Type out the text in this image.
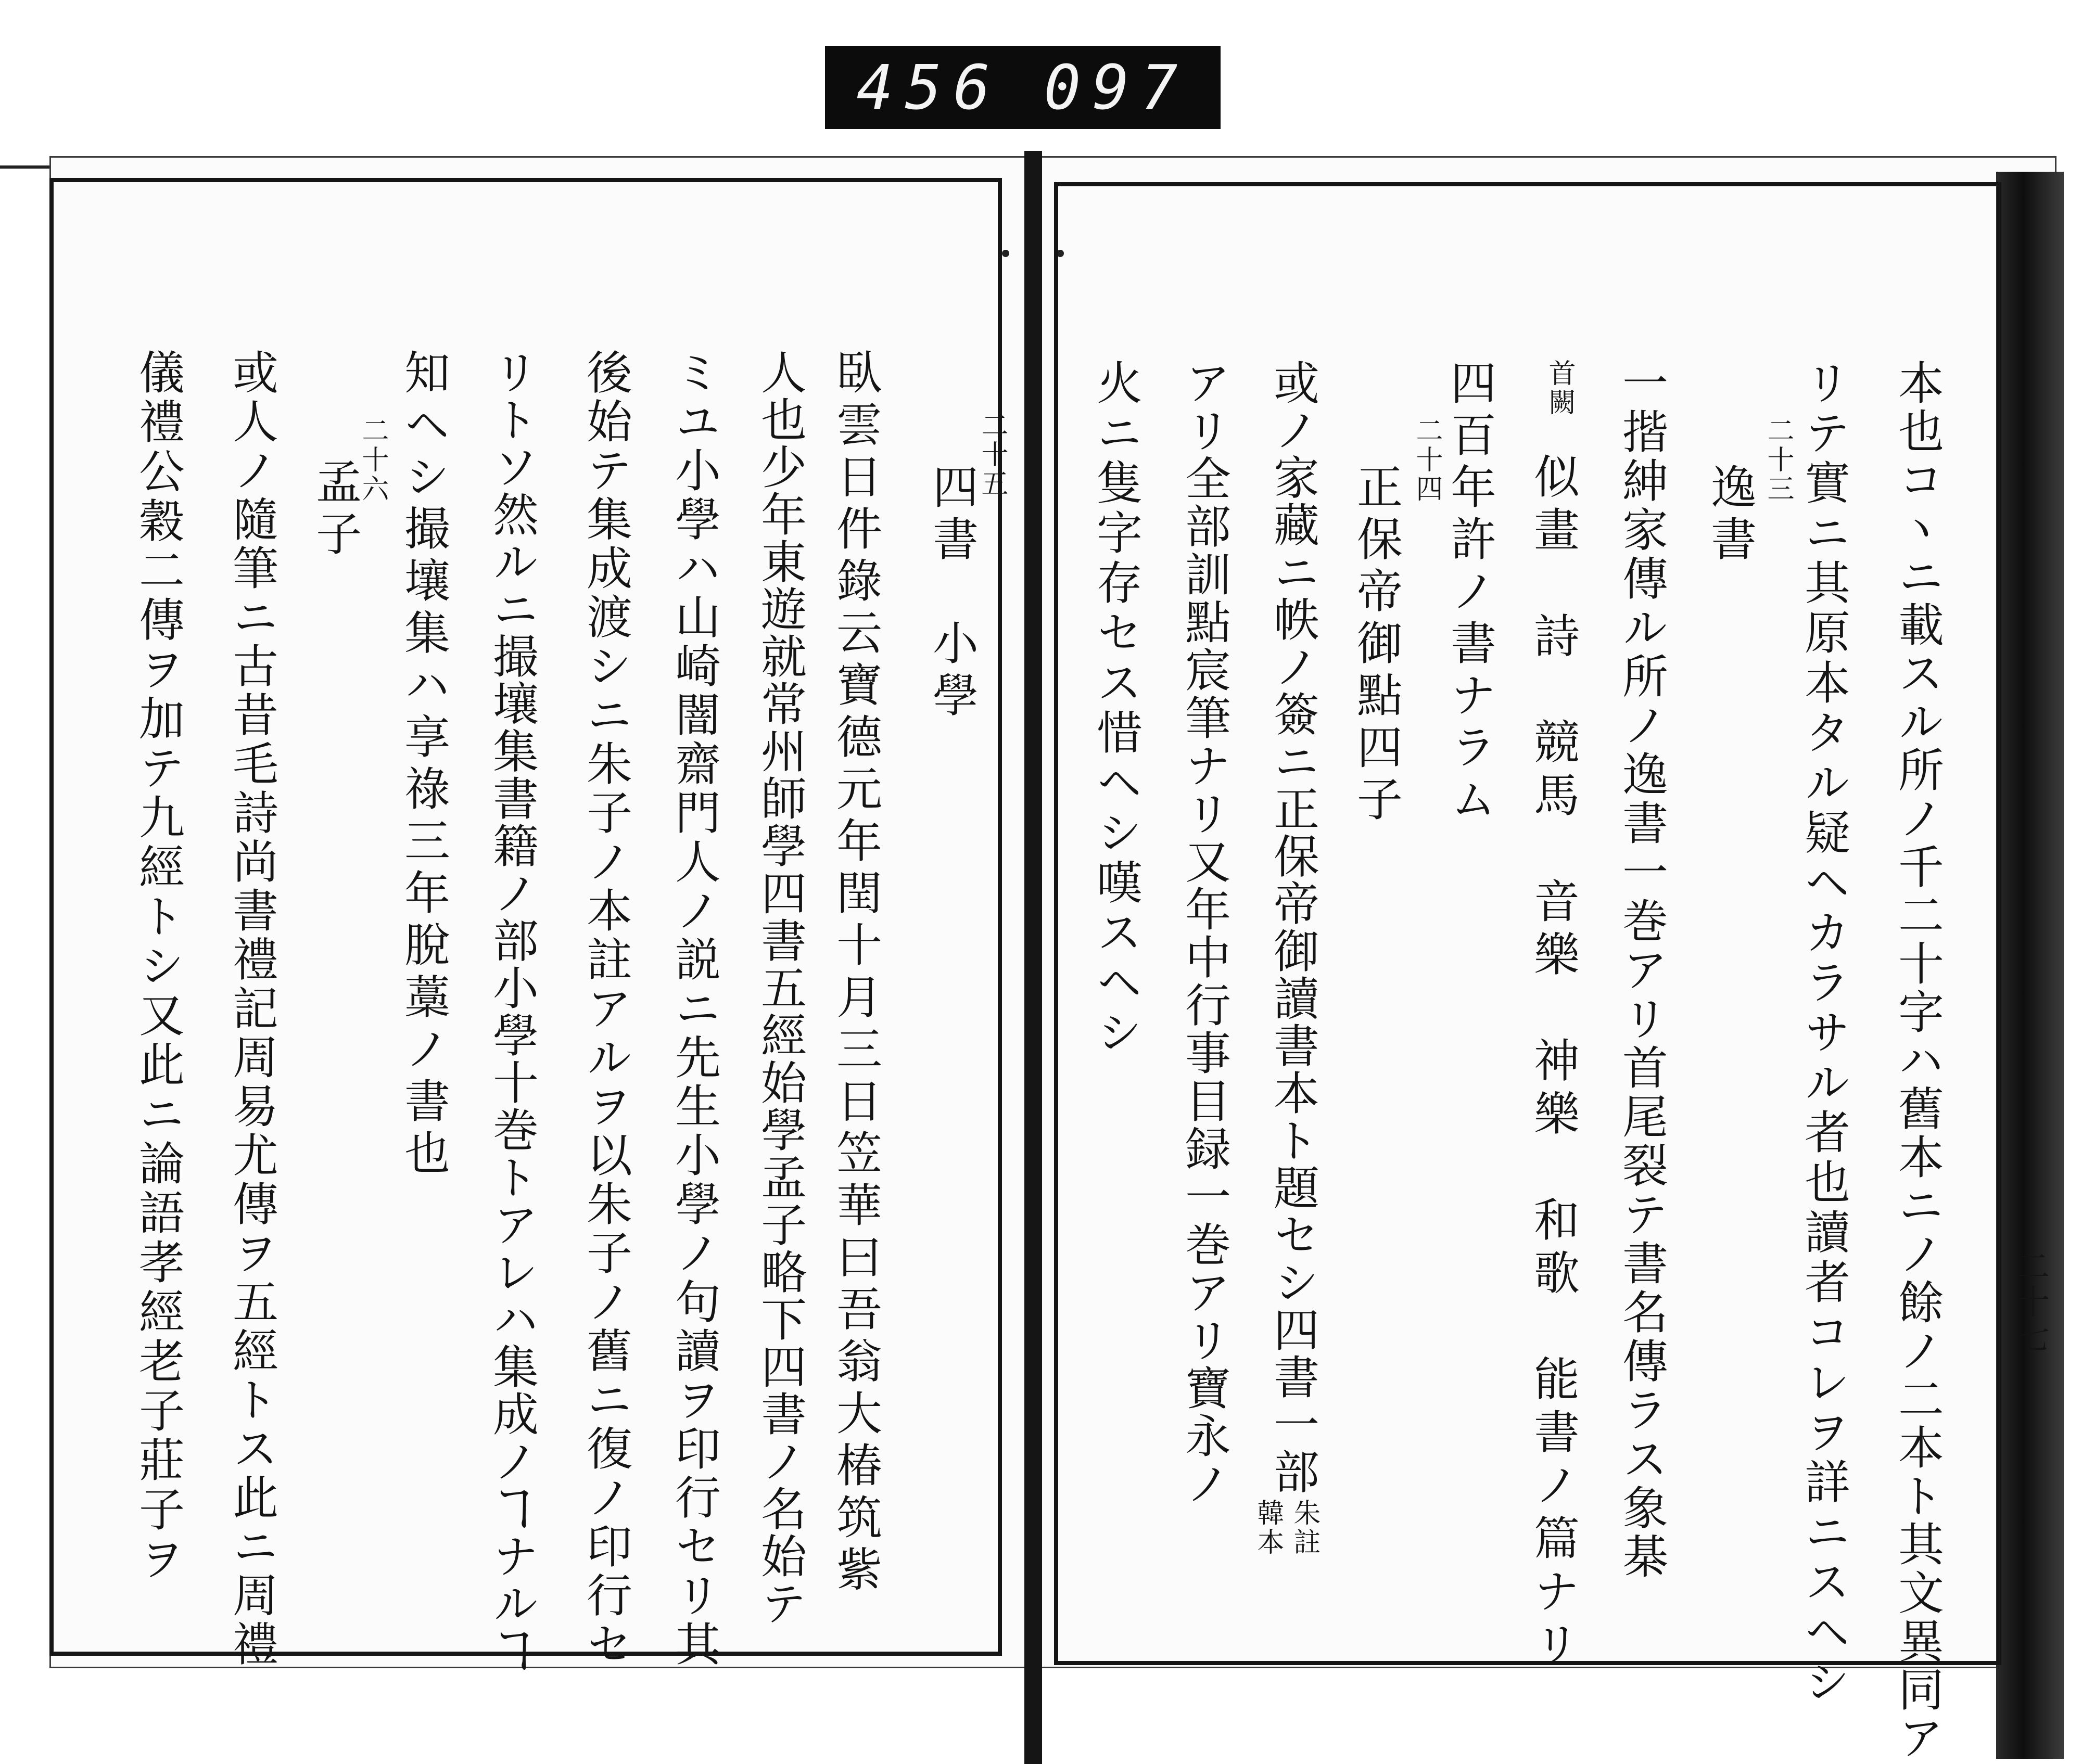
456 097
四書　小學
二十五
臥雲日件錄云寶德元年閏十月三日笠華曰吾翁大椿筑紫
人也少年東遊就常州師學四書五經始學孟子略下四書ノ名始テ
ミユ小學ハ山崎闇齋門人ノ説ニ先生小學ノ句讀ヲ印行セリ其
後始テ集成渡シニ朱子ノ本註アルヲ以朱子ノ舊ニ復ノ印行セ
リトソ然ルニ撮壤集書籍ノ部小學十巻トアレハ集成ノヿナルヿ
知ヘシ撮壤集ハ享祿三年脫藁ノ書也
二十六
孟子
或人ノ隨筆ニ古昔毛詩尚書禮記周易尤傳ヲ五經トス此ニ周禮
儀禮公穀二傳ヲ加テ九經トシ又此ニ論語孝經老子莊子ヲ	本也コヽニ載スル所ノ千二十字ハ舊本ニノ餘ノ二本ト其文異同ア
リテ實ニ其原本タル疑ヘカラサル者也讀者コレヲ詳ニスヘシ
二十三
逸書
一揩紳家傳ル所ノ逸書一巻アリ首尾裂テ書名傳ラス象棊
首闕
似畫　詩　競馬　音樂　神樂　和歌　能書ノ篇ナリ
四百年許ノ書ナラム
二十四
正保帝御點四子
或ノ家藏ニ帙ノ簽ニ正保帝御讀書本ト題セシ四書一部
朱註
韓本
アリ全部訓點宸筆ナリ又年中行事目録一巻アリ寶永ノ
火ニ隻字存セス惜ヘシ嘆スヘシ
二十七
